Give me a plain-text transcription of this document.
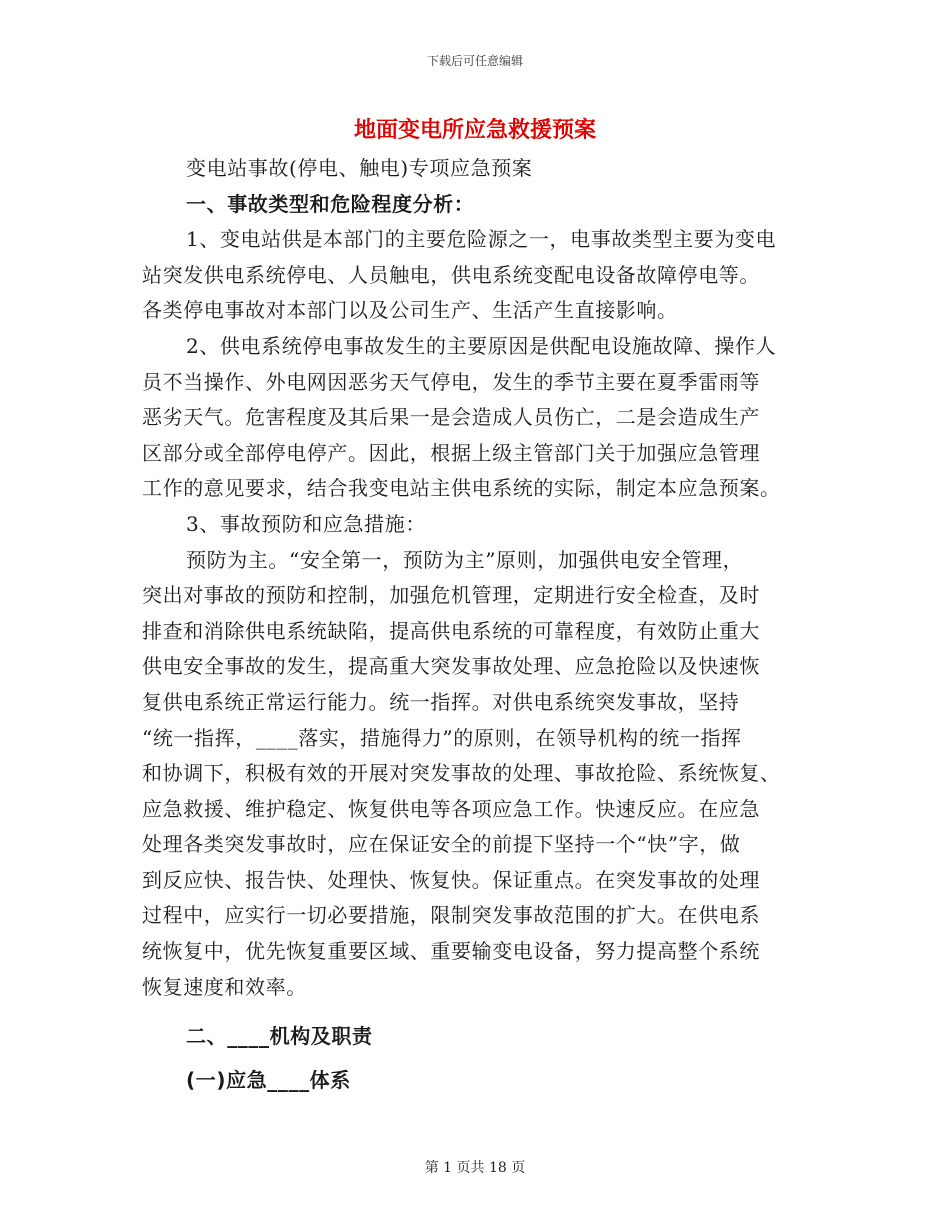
下载后可任意编辑
地面变电所应急救援预案
变电站事故(停电、触电)专项应急预案
一、事故类型和危险程度分析：
1、变电站供是本部门的主要危险源之一，电事故类型主要为变电
站突发供电系统停电、人员触电，供电系统变配电设备故障停电等。
各类停电事故对本部门以及公司生产、生活产生直接影响。
2、供电系统停电事故发生的主要原因是供配电设施故障、操作人
员不当操作、外电网因恶劣天气停电，发生的季节主要在夏季雷雨等
恶劣天气。危害程度及其后果一是会造成人员伤亡，二是会造成生产
区部分或全部停电停产。因此，根据上级主管部门关于加强应急管理
工作的意见要求，结合我变电站主供电系统的实际，制定本应急预案。
3、事故预防和应急措施：
预防为主。“安全第一，预防为主”原则，加强供电安全管理，
突出对事故的预防和控制，加强危机管理，定期进行安全检查，及时
排查和消除供电系统缺陷，提高供电系统的可靠程度，有效防止重大
供电安全事故的发生，提高重大突发事故处理、应急抢险以及快速恢
复供电系统正常运行能力。统一指挥。对供电系统突发事故，坚持
“统一指挥，____落实，措施得力”的原则，在领导机构的统一指挥
和协调下，积极有效的开展对突发事故的处理、事故抢险、系统恢复、
应急救援、维护稳定、恢复供电等各项应急工作。快速反应。在应急
处理各类突发事故时，应在保证安全的前提下坚持一个“快”字，做
到反应快、报告快、处理快、恢复快。保证重点。在突发事故的处理
过程中，应实行一切必要措施，限制突发事故范围的扩大。在供电系
统恢复中，优先恢复重要区域、重要输变电设备，努力提高整个系统
恢复速度和效率。
二、____机构及职责
(一)应急____体系
第 1 页共 18 页
